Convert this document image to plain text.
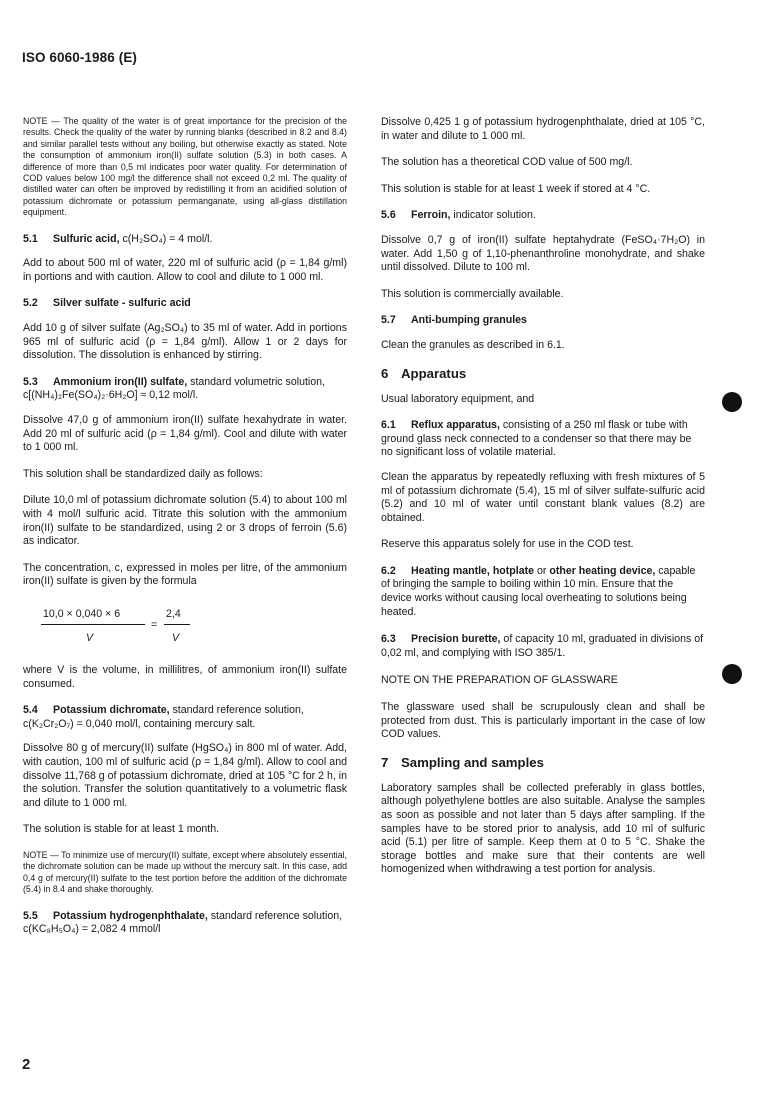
ISO 6060-1986 (E)

NOTE — The quality of the water is of great importance for the precision of the results. Check the quality of the water by running blanks (described in 8.2 and 8.4) and similar parallel tests without any boiling, but otherwise exactly as stated. Note the consumption of ammonium iron(II) sulfate solution (5.3) in both cases. A difference of more than 0,5 ml indicates poor water quality. For determination of COD values below 100 mg/l the difference shall not exceed 0,2 ml. The quality of distilled water can often be improved by redistilling it from an acidified solution of potassium dichromate or potassium permanganate, using all-glass distillation equipment.

5.1 Sulfuric acid, c(H₂SO₄) = 4 mol/l.

Add to about 500 ml of water, 220 ml of sulfuric acid (ρ = 1,84 g/ml) in portions and with caution. Allow to cool and dilute to 1 000 ml.

5.2 Silver sulfate - sulfuric acid

Add 10 g of silver sulfate (Ag₂SO₄) to 35 ml of water. Add in portions 965 ml of sulfuric acid (ρ = 1,84 g/ml). Allow 1 or 2 days for dissolution. The dissolution is enhanced by stirring.

5.3 Ammonium iron(II) sulfate, standard volumetric solution, c[(NH₄)₂Fe(SO₄)₂·6H₂O] ≈ 0,12 mol/l.

Dissolve 47,0 g of ammonium iron(II) sulfate hexahydrate in water. Add 20 ml of sulfuric acid (ρ = 1,84 g/ml). Cool and dilute with water to 1 000 ml.

This solution shall be standardized daily as follows:

Dilute 10,0 ml of potassium dichromate solution (5.4) to about 100 ml with 4 mol/l sulfuric acid. Titrate this solution with the ammonium iron(II) sulfate to be standardized, using 2 or 3 drops of ferroin (5.6) as indicator.

The concentration, c, expressed in moles per litre, of the ammonium iron(II) sulfate is given by the formula

10,0 × 0,040 × 6
V
=
2,4
V

where V is the volume, in millilitres, of ammonium iron(II) sulfate consumed.

5.4 Potassium dichromate, standard reference solution, c(K₂Cr₂O₇) = 0,040 mol/l, containing mercury salt.

Dissolve 80 g of mercury(II) sulfate (HgSO₄) in 800 ml of water. Add, with caution, 100 ml of sulfuric acid (ρ = 1,84 g/ml). Allow to cool and dissolve 11,768 g of potassium dichromate, dried at 105 °C for 2 h, in the solution. Transfer the solution quantitatively to a volumetric flask and dilute to 1 000 ml.

The solution is stable for at least 1 month.

NOTE — To minimize use of mercury(II) sulfate, except where absolutely essential, the dichromate solution can be made up without the mercury salt. In this case, add 0,4 g of mercury(II) sulfate to the test portion before the addition of the dichromate (5.4) in 8.4 and shake thoroughly.

5.5 Potassium hydrogenphthalate, standard reference solution, c(KC₈H₅O₄) = 2,082 4 mmol/l

Dissolve 0,425 1 g of potassium hydrogenphthalate, dried at 105 °C, in water and dilute to 1 000 ml.

The solution has a theoretical COD value of 500 mg/l.

This solution is stable for at least 1 week if stored at 4 °C.

5.6 Ferroin, indicator solution.

Dissolve 0,7 g of iron(II) sulfate heptahydrate (FeSO₄·7H₂O) in water. Add 1,50 g of 1,10-phenanthroline monohydrate, and shake until dissolved. Dilute to 100 ml.

This solution is commercially available.

5.7 Anti-bumping granules

Clean the granules as described in 6.1.

6 Apparatus

Usual laboratory equipment, and

6.1 Reflux apparatus, consisting of a 250 ml flask or tube with ground glass neck connected to a condenser so that there may be no significant loss of volatile material.

Clean the apparatus by repeatedly refluxing with fresh mixtures of 5 ml of potassium dichromate (5.4), 15 ml of silver sulfate-sulfuric acid (5.2) and 10 ml of water until constant blank values (8.2) are obtained.

Reserve this apparatus solely for use in the COD test.

6.2 Heating mantle, hotplate or other heating device, capable of bringing the sample to boiling within 10 min. Ensure that the device works without causing local overheating to solutions being heated.
6.3 Precision burette, of capacity 10 ml, graduated in divisions of 0,02 ml, and complying with ISO 385/1.

NOTE ON THE PREPARATION OF GLASSWARE

The glassware used shall be scrupulously clean and shall be protected from dust. This is particularly important in the case of low COD values.

7 Sampling and samples

Laboratory samples shall be collected preferably in glass bottles, although polyethylene bottles are also suitable. Analyse the samples as soon as possible and not later than 5 days after sampling. If the samples have to be stored prior to analysis, add 10 ml of sulfuric acid (5.1) per litre of sample. Keep them at 0 to 5 °C. Shake the storage bottles and make sure that their contents are well homogenized when withdrawing a test portion for analysis.

2
